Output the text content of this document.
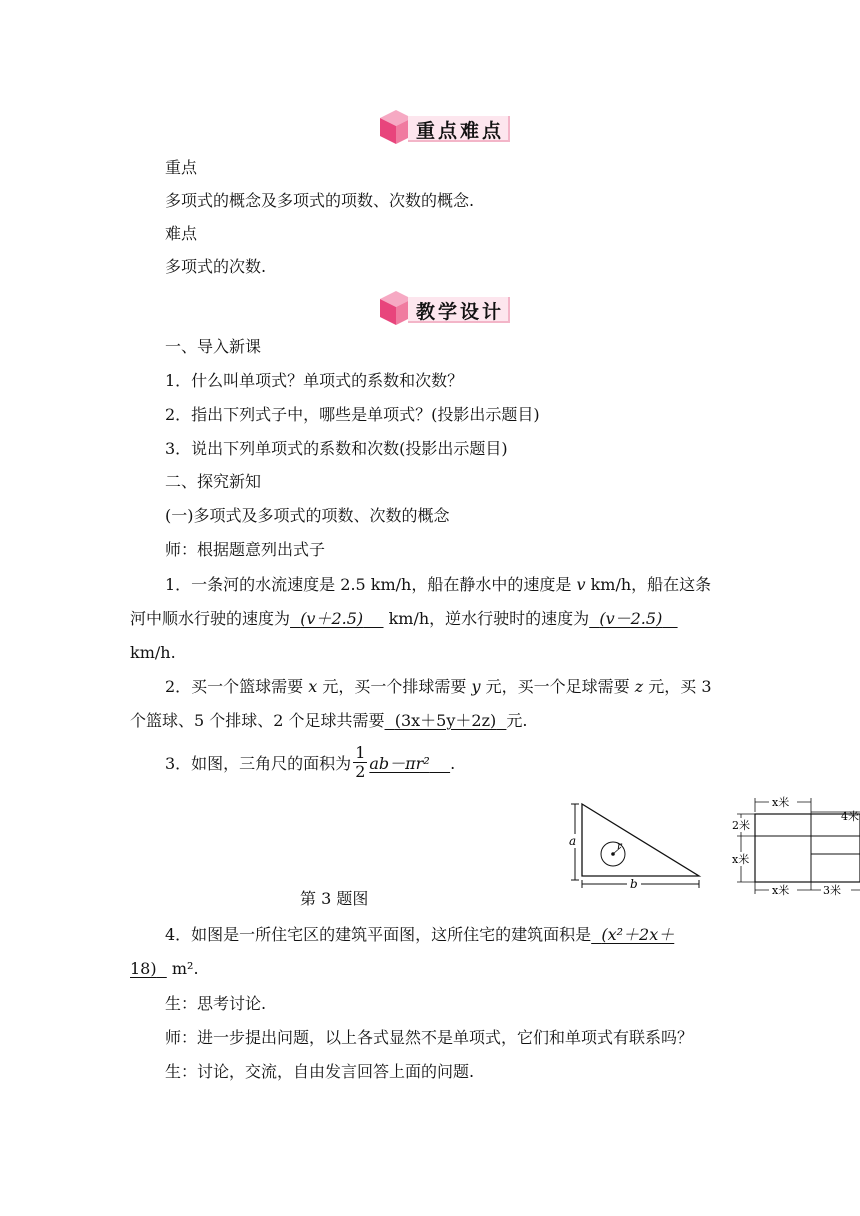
重点难点
重点
多项式的概念及多项式的项数、次数的概念.
难点
多项式的次数.
教学设计
一、导入新课
1．什么叫单项式？单项式的系数和次数？
2．指出下列式子中，哪些是单项式？(投影出示题目)
3．说出下列单项式的系数和次数(投影出示题目)
二、探究新知
(一)多项式及多项式的项数、次数的概念
师：根据题意列出式子
1．一条河的水流速度是 2.5 km/h，船在静水中的速度是 v km/h，船在这条
河中顺水行驶的速度为 (v＋2.5)     km/h，逆水行驶时的速度为 (v－2.5)
km/h.
2．买一个篮球需要 x 元，买一个排球需要 y 元，买一个足球需要 z 元，买 3
个篮球、5 个排球、2 个足球共需要 (3x＋5y＋2z) 元.
3．如图，三角尺的面积为 $\frac{1}{2} ab-\pi r^2$ .
a
b
r
x米
4米
2米
x米
x米	3米
第 3 题图
4．如图是一所住宅区的建筑平面图，这所住宅的建筑面积是 (x²＋2x＋
18)   m².
生：思考讨论.
师：进一步提出问题，以上各式显然不是单项式，它们和单项式有联系吗？
生：讨论，交流，自由发言回答上面的问题.
